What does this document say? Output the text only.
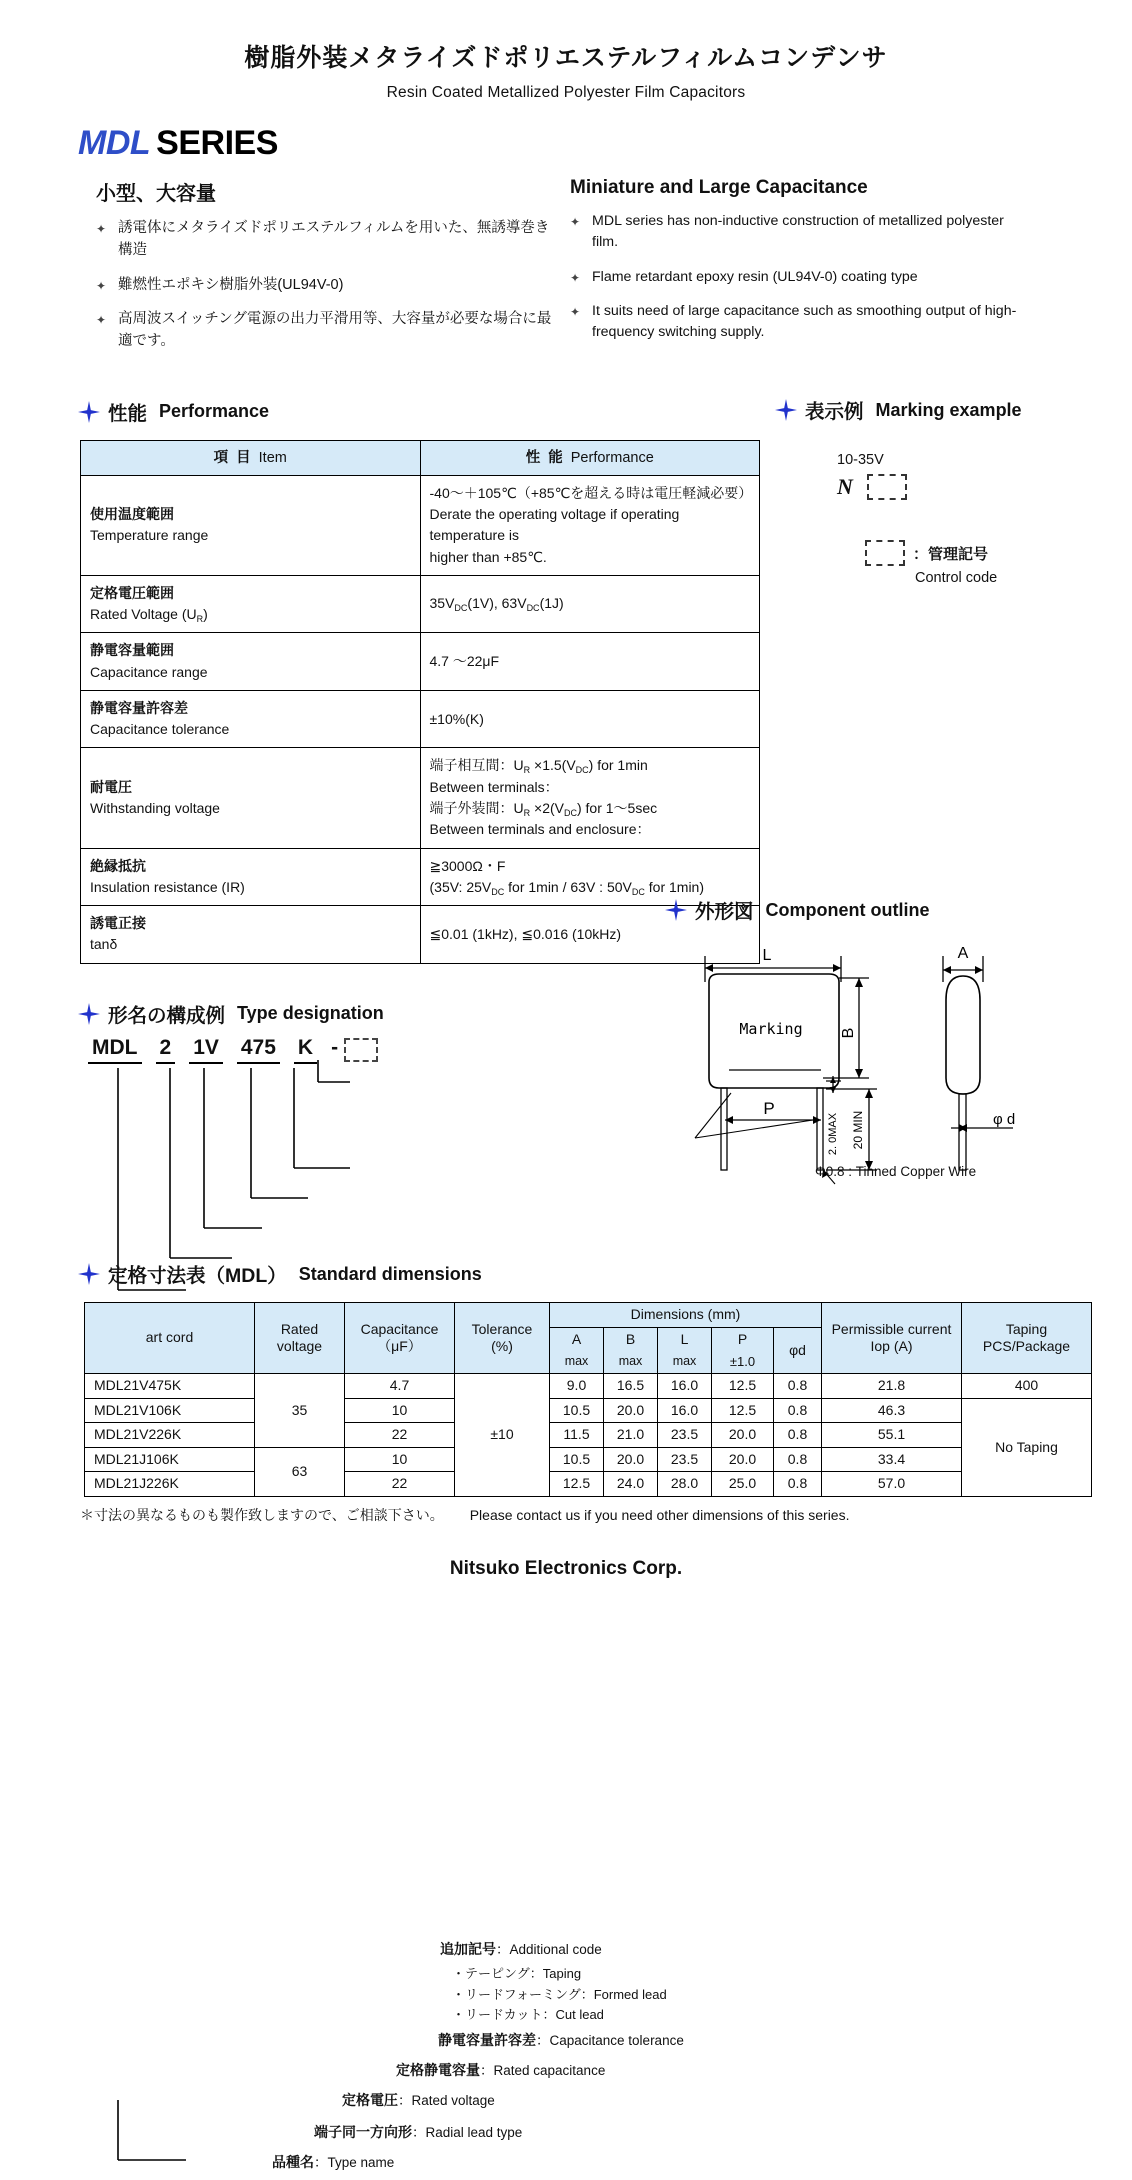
樹脂外装メタライズドポリエステルフィルムコンデンサ
Resin Coated Metallized Polyester Film Capacitors
MDL SERIES
小型、大容量
✦ 誘電体にメタライズドポリエステルフィルムを用いた、無誘導巻き構造
✦ 難燃性エポキシ樹脂外装(UL94V-0)
✦ 高周波スイッチング電源の出力平滑用等、大容量が必要な場合に最適です。
Miniature and Large Capacitance
✦ MDL series has non-inductive construction of metallized polyester film.
✦ Flame retardant epoxy resin (UL94V-0) coating type
✦ It suits need of large capacitance such as smoothing output of high-frequency switching supply.
性能 Performance
項 目 Item	性 能 Performance

使用温度範囲
Temperature range

-40〜＋105℃（+85℃を超える時は電圧軽減必要）
Derate the operating voltage if operating temperature is
higher than +85℃.

定格電圧範囲
Rated Voltage $(U_R)$	$35V_{DC}(1V)$, $63V_{DC}(1J)$

静電容量範囲
Capacitance range	4.7 〜22μF

静電容量許容差
Capacitance tolerance	±10%(K)

耐電圧
Withstanding voltage

端子相互間：$U_R \times 1.5(V_{DC})$ for 1min
Between terminals：
端子外装間：$U_R \times 2(V_{DC})$ for 1〜5sec
Between terminals and enclosure：

絶縁抵抗
Insulation resistance (IR)

≧3000Ω・F
(35V: $25V_{DC}$ for 1min / 63V : $50V_{DC}$ for 1min)

誘電正接
tanδ	≦0.01 (1kHz), ≦0.016 (10kHz)
表示例 Marking example
10-35V
N
：管理記号
Control code
形名の構成例 Type designation
MDL 2 1V 475 K -
追加記号：Additional code
・テーピング：Taping
・リードフォーミング：Formed lead
・リードカット：Cut lead
静電容量許容差：Capacitance tolerance
定格静電容量：Rated capacitance
定格電圧：Rated voltage
端子同一方向形：Radial lead type
品種名：Type name
外形図 Component outline
L
Marking B
2. 0MAX 20 MIN
P
A
φ d
Φ0.8 : Tinned Copper Wire
定格寸法表（MDL） Standard dimensions
art cord	
Rated
voltage

Capacitance
（μF）

Tolerance
(%)
	Dimensions (mm)	
Permissible current
Iop (A)

Taping
PCS/Package

				A	B	L	P	φd		
				max	max	max	±1.0			
MDL21V475K	35	4.7	±10	9.0	16.5	16.0	12.5	0.8	21.8	400
MDL21V106K		10		10.5	20.0	16.0	12.5	0.8	46.3	No Taping
MDL21V226K		22		11.5	21.0	23.5	20.0	0.8	55.1	
MDL21J106K	63	10		10.5	20.0	23.5	20.0	0.8	33.4	
MDL21J226K		22		12.5	24.0	28.0	25.0	0.8	57.0	
＊寸法の異なるものも製作致しますので、ご相談下さい。 Please contact us if you need other dimensions of this series.
Nitsuko Electronics Corp.
